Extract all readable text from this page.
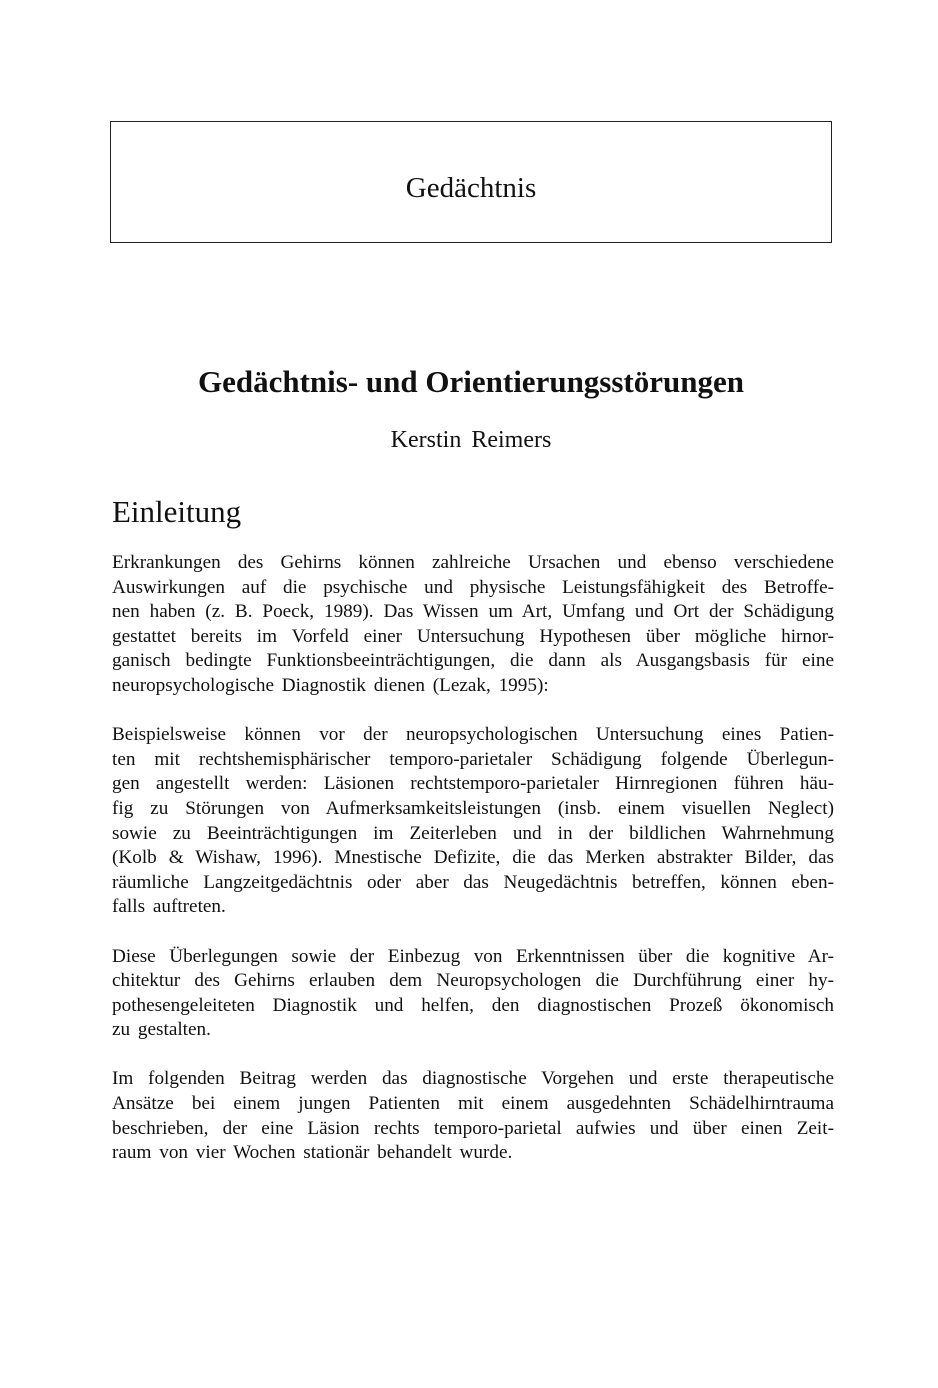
Gedächtnis
Gedächtnis- und Orientierungsstörungen
Kerstin Reimers
Einleitung
Erkrankungen des Gehirns können zahlreiche Ursachen und ebenso verschiedene
Auswirkungen auf die psychische und physische Leistungsfähigkeit des Betroffe-
nen haben (z. B. Poeck, 1989). Das Wissen um Art, Umfang und Ort der Schädigung
gestattet bereits im Vorfeld einer Untersuchung Hypothesen über mögliche hirnor-
ganisch bedingte Funktionsbeeinträchtigungen, die dann als Ausgangsbasis für eine
neuropsychologische Diagnostik dienen (Lezak, 1995):
Beispielsweise können vor der neuropsychologischen Untersuchung eines Patien-
ten mit rechtshemisphärischer temporo-parietaler Schädigung folgende Überlegun-
gen angestellt werden: Läsionen rechtstemporo-parietaler Hirnregionen führen häu-
fig zu Störungen von Aufmerksamkeitsleistungen (insb. einem visuellen Neglect)
sowie zu Beeinträchtigungen im Zeiterleben und in der bildlichen Wahrnehmung
(Kolb & Wishaw, 1996). Mnestische Defizite, die das Merken abstrakter Bilder, das
räumliche Langzeitgedächtnis oder aber das Neugedächtnis betreffen, können eben-
falls auftreten.
Diese Überlegungen sowie der Einbezug von Erkenntnissen über die kognitive Ar-
chitektur des Gehirns erlauben dem Neuropsychologen die Durchführung einer hy-
pothesengeleiteten Diagnostik und helfen, den diagnostischen Prozeß ökonomisch
zu gestalten.
Im folgenden Beitrag werden das diagnostische Vorgehen und erste therapeutische
Ansätze bei einem jungen Patienten mit einem ausgedehnten Schädelhirntrauma
beschrieben, der eine Läsion rechts temporo-parietal aufwies und über einen Zeit-
raum von vier Wochen stationär behandelt wurde.
